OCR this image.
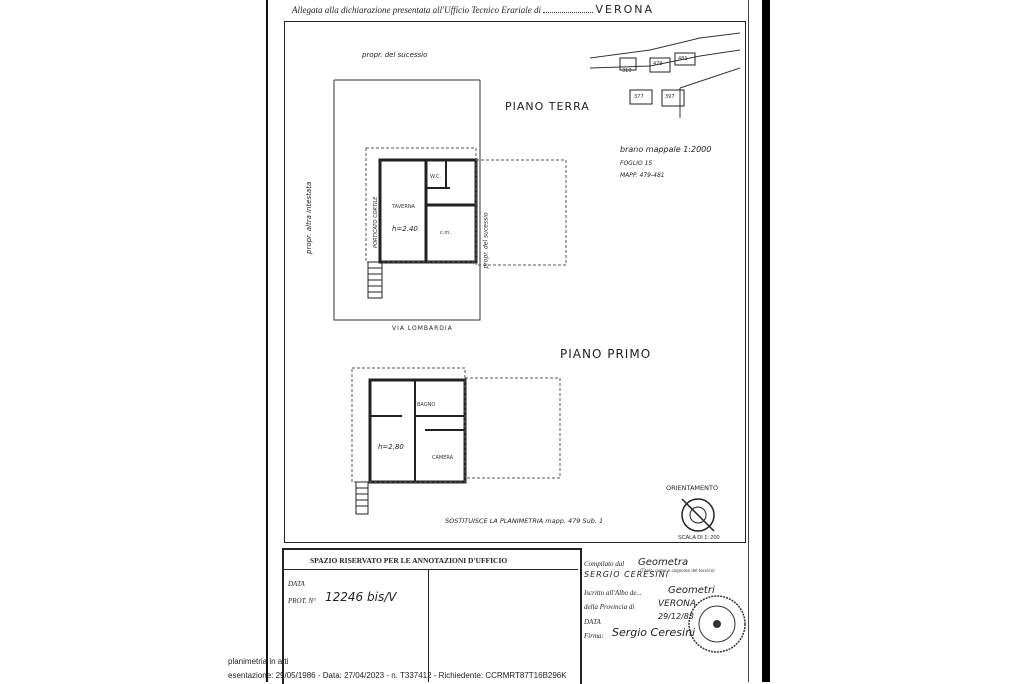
Allegata alla dichiarazione presentata all'Ufficio Tecnico Erariale di	VERONA
319
479
481
397
377
brano mappale 1:2000
FOGLIO 15
MAPP. 479-481
propr. del sucessio
PIANO TERRA
propr. altra intestata	PORTICATO CORTILE	propr. del sucessio
TAVERNA
h=2.40
W.C.
c.m.
VIA LOMBARDIA
PIANO PRIMO
h=2.80
BAGNO
CAMERA
SOSTITUISCE LA PLANIMETRIA mapp. 479 Sub. 1
ORIENTAMENTO
SCALA DI 1: 200
SPAZIO RISERVATO PER LE ANNOTAZIONI D'UFFICIO
DATA
PROT. N° 12246 bis/V
Compilato dal Geometra
(Titolo, nome e cognome del tecnico)
SERGIO CERESINI
Iscritto all'Albo de...	Geometri
della Provincia di	VERONA
DATA
29/12/83
Firma: Sergio Ceresini
planimetria in atti
esentazione: 29/05/1986 - Data: 27/04/2023 - n. T337412 - Richiedente: CCRMRT87T16B296K
